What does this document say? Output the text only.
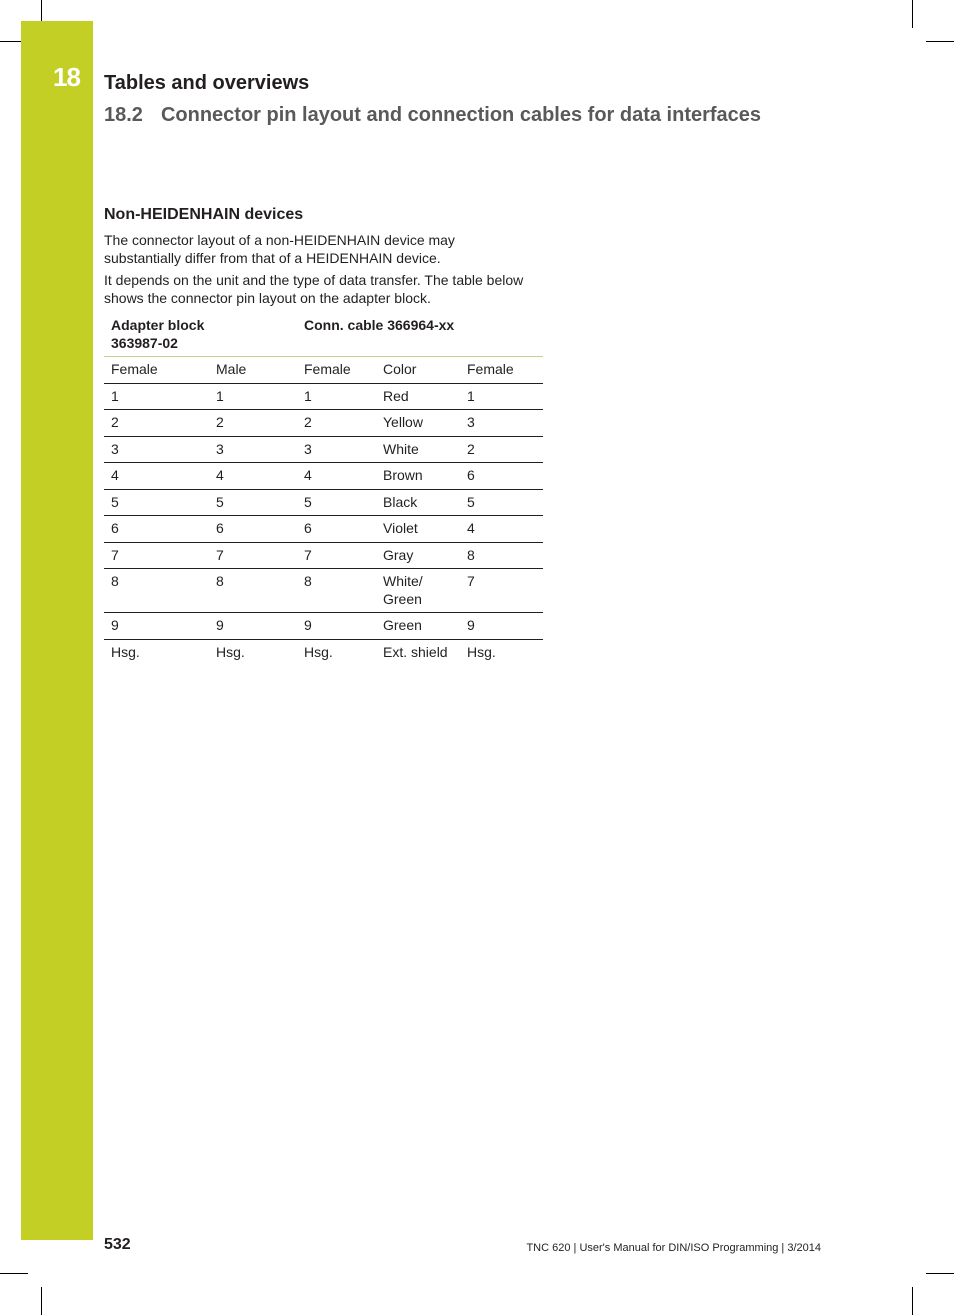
18 Tables and overviews
18.2 Connector pin layout and connection cables for data interfaces
Non-HEIDENHAIN devices
The connector layout of a non-HEIDENHAIN device may substantially differ from that of a HEIDENHAIN device.
It depends on the unit and the type of data transfer. The table below shows the connector pin layout on the adapter block.
Adapter block 363987-02		Conn. cable 366964-xx		
Female	Male	Female	Color	Female
1	1	1	Red	1
2	2	2	Yellow	3
3	3	3	White	2
4	4	4	Brown	6
5	5	5	Black	5
6	6	6	Violet	4
7	7	7	Gray	8
8	8	8	White/ Green	7
9	9	9	Green	9
Hsg.	Hsg.	Hsg.	Ext. shield	Hsg.
532	TNC 620 | User's Manual for DIN/ISO Programming | 3/2014
